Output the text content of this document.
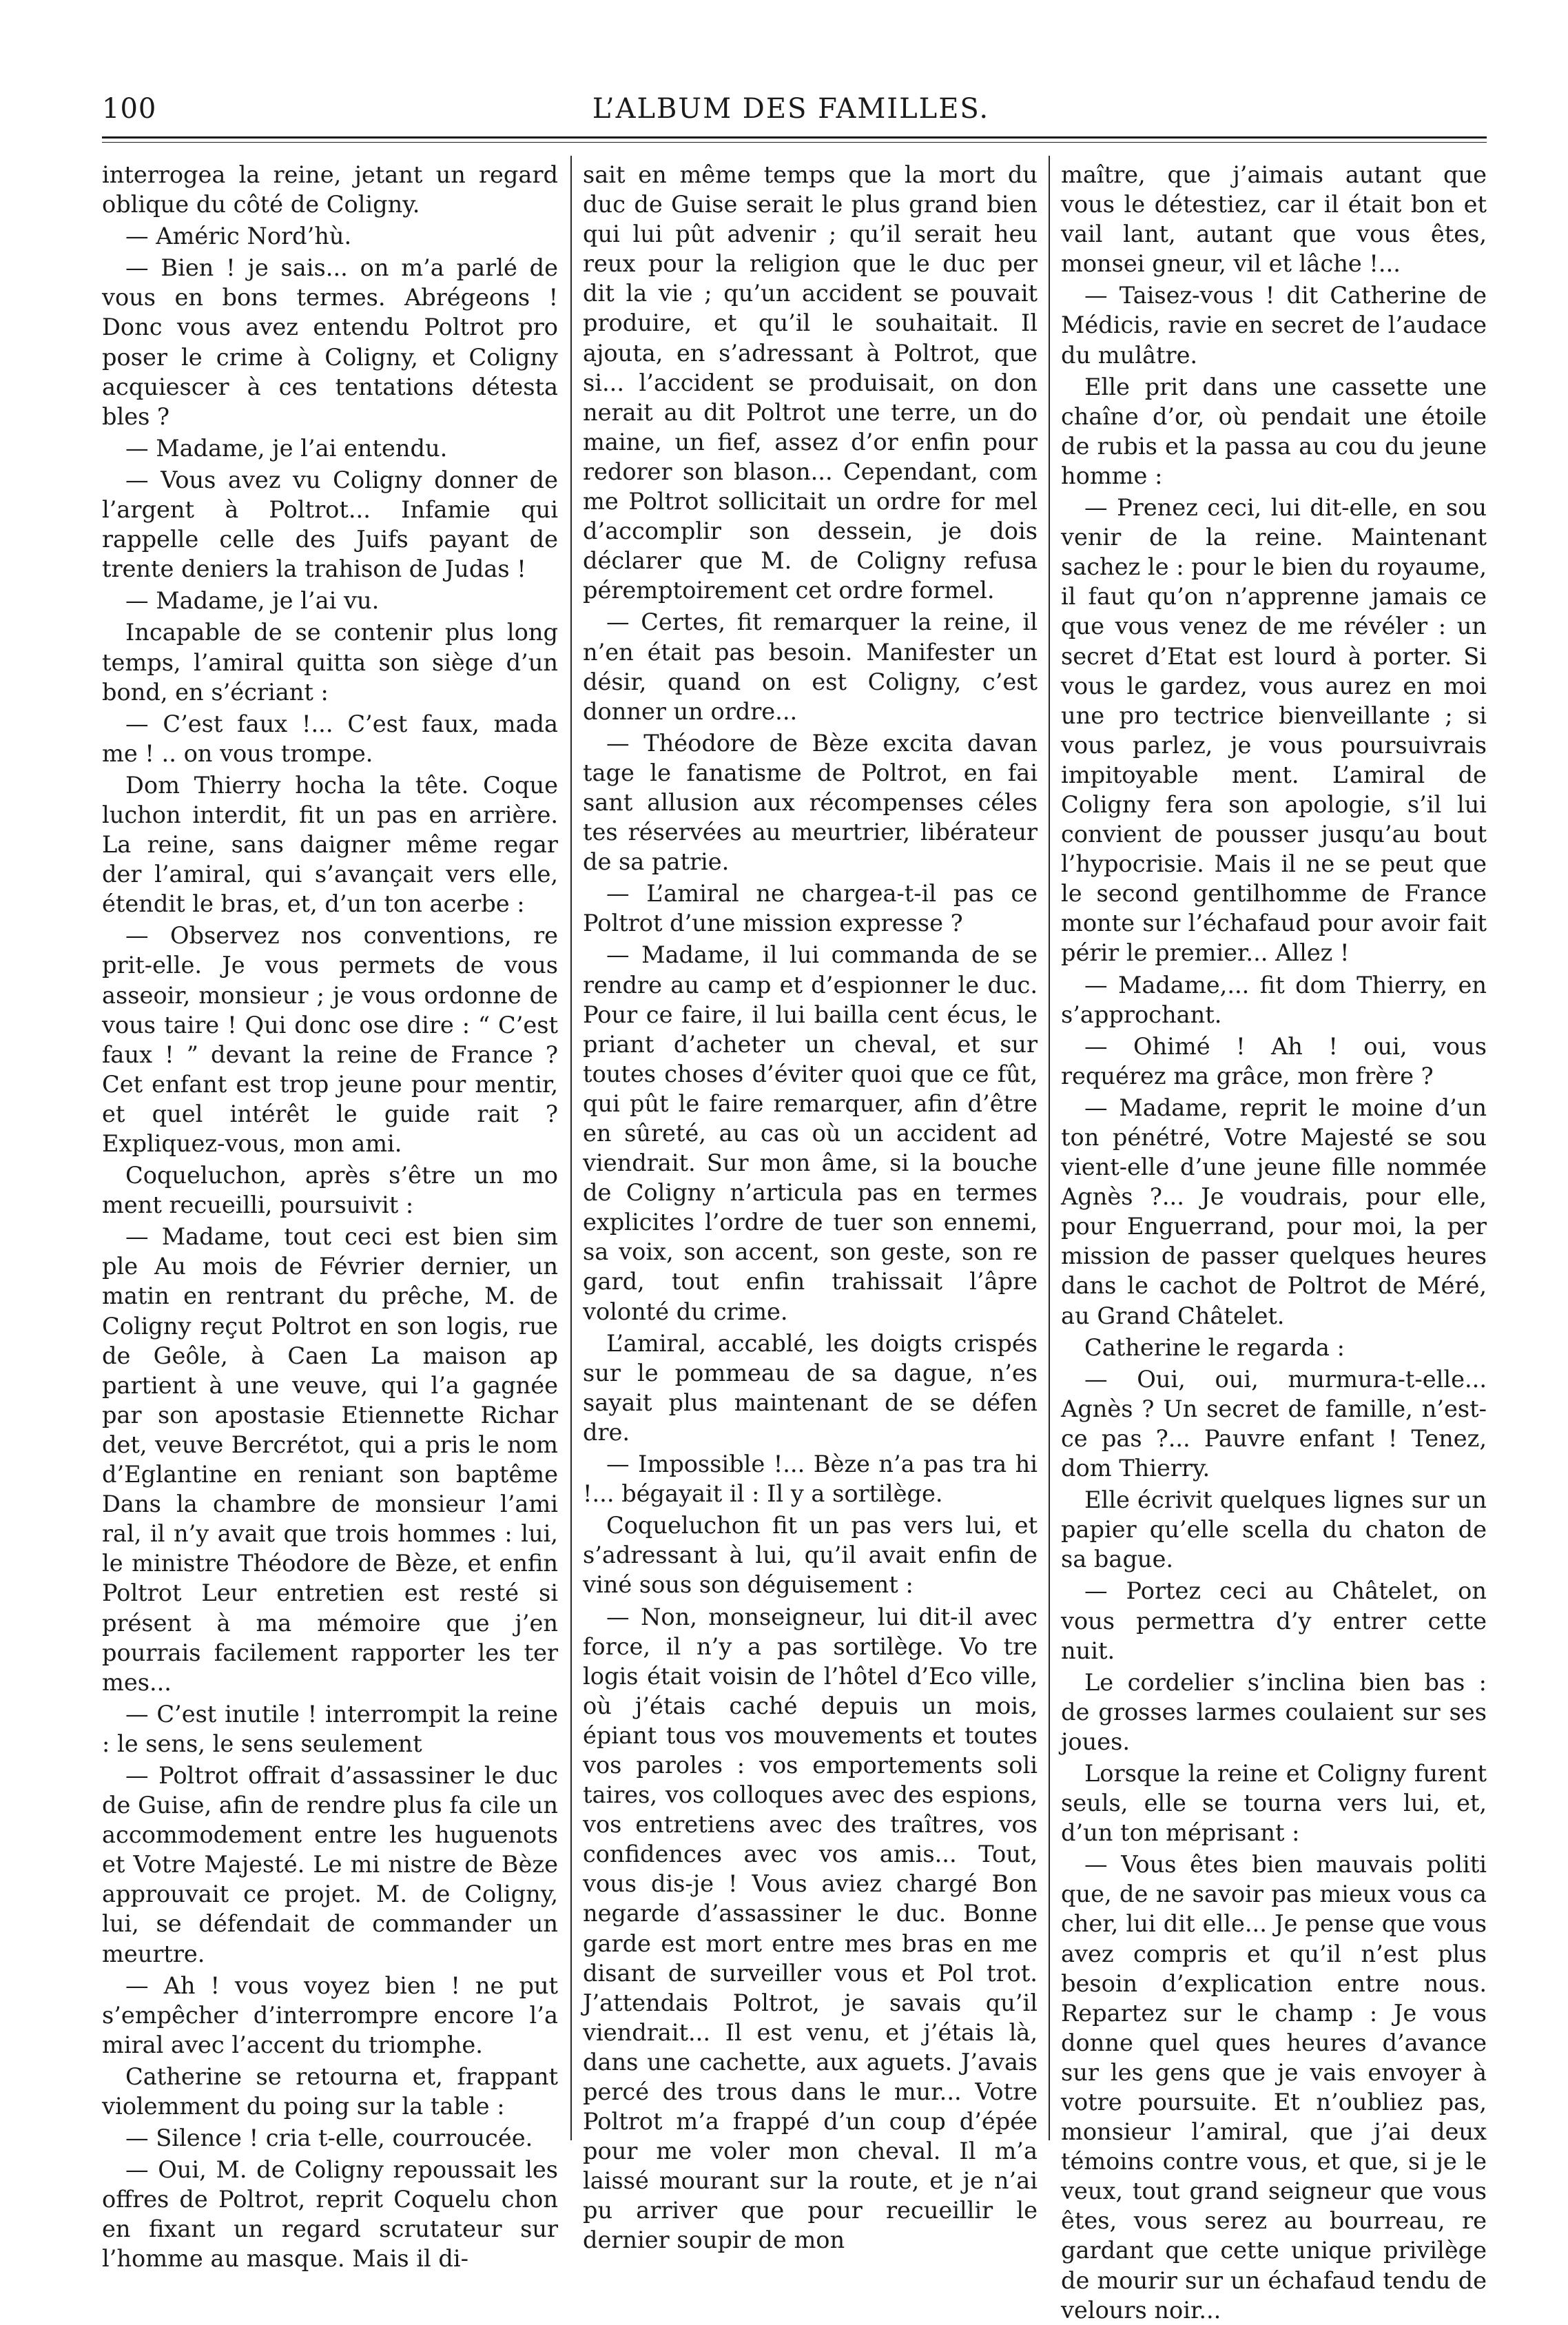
100	L’ALBUM DES FAMILLES.

interrogea la reine, jetant un regard oblique du côté de Coligny.

— Améric Nord’hù.

— Bien ! je sais... on m’a parlé de vous en bons termes. Abrégeons ! Donc vous avez entendu Poltrot pro poser le crime à Coligny, et Coligny acquiescer à ces tentations détesta bles ?

— Madame, je l’ai entendu.

— Vous avez vu Coligny donner de l’argent à Poltrot... Infamie qui rappelle celle des Juifs payant de trente deniers la trahison de Judas !

— Madame, je l’ai vu.

Incapable de se contenir plus long temps, l’amiral quitta son siège d’un bond, en s’écriant :

— C’est faux !... C’est faux, mada me ! .. on vous trompe.

Dom Thierry hocha la tête. Coque luchon interdit, fit un pas en arrière. La reine, sans daigner même regar der l’amiral, qui s’avançait vers elle, étendit le bras, et, d’un ton acerbe :

— Observez nos conventions, re prit-elle. Je vous permets de vous asseoir, monsieur ; je vous ordonne de vous taire ! Qui donc ose dire : “ C’est faux ! ” devant la reine de France ? Cet enfant est trop jeune pour mentir, et quel intérêt le guide rait ? Expliquez-vous, mon ami.

Coqueluchon, après s’être un mo ment recueilli, poursuivit :

— Madame, tout ceci est bien sim ple Au mois de Février dernier, un matin en rentrant du prêche, M. de Coligny reçut Poltrot en son logis, rue de Geôle, à Caen La maison ap partient à une veuve, qui l’a gagnée par son apostasie Etiennette Richar det, veuve Bercrétot, qui a pris le nom d’Eglantine en reniant son baptême Dans la chambre de monsieur l’ami ral, il n’y avait que trois hommes : lui, le ministre Théodore de Bèze, et enfin Poltrot Leur entretien est resté si présent à ma mémoire que j’en pourrais facilement rapporter les ter mes...

— C’est inutile ! interrompit la reine : le sens, le sens seulement

— Poltrot offrait d’assassiner le duc de Guise, afin de rendre plus fa cile un accommodement entre les huguenots et Votre Majesté. Le mi nistre de Bèze approuvait ce projet. M. de Coligny, lui, se défendait de commander un meurtre.

— Ah ! vous voyez bien ! ne put s’empêcher d’interrompre encore l’a miral avec l’accent du triomphe.

Catherine se retourna et, frappant violemment du poing sur la table :

— Silence ! cria t-elle, courroucée.

— Oui, M. de Coligny repoussait les offres de Poltrot, reprit Coquelu chon en fixant un regard scrutateur sur l’homme au masque. Mais il di-

sait en même temps que la mort du duc de Guise serait le plus grand bien qui lui pût advenir ; qu’il serait heu reux pour la religion que le duc per dit la vie ; qu’un accident se pouvait produire, et qu’il le souhaitait. Il ajouta, en s’adressant à Poltrot, que si... l’accident se produisait, on don nerait au dit Poltrot une terre, un do maine, un fief, assez d’or enfin pour redorer son blason... Cependant, com me Poltrot sollicitait un ordre for mel d’accomplir son dessein, je dois déclarer que M. de Coligny refusa péremptoirement cet ordre formel.

— Certes, fit remarquer la reine, il n’en était pas besoin. Manifester un désir, quand on est Coligny, c’est donner un ordre...

— Théodore de Bèze excita davan tage le fanatisme de Poltrot, en fai sant allusion aux récompenses céles tes réservées au meurtrier, libérateur de sa patrie.

— L’amiral ne chargea-t-il pas ce Poltrot d’une mission expresse ?

— Madame, il lui commanda de se rendre au camp et d’espionner le duc. Pour ce faire, il lui bailla cent écus, le priant d’acheter un cheval, et sur toutes choses d’éviter quoi que ce fût, qui pût le faire remarquer, afin d’être en sûreté, au cas où un accident ad viendrait. Sur mon âme, si la bouche de Coligny n’articula pas en termes explicites l’ordre de tuer son ennemi, sa voix, son accent, son geste, son re gard, tout enfin trahissait l’âpre volonté du crime.

L’amiral, accablé, les doigts crispés sur le pommeau de sa dague, n’es sayait plus maintenant de se défen dre.

— Impossible !... Bèze n’a pas tra hi !... bégayait il : Il y a sortilège.

Coqueluchon fit un pas vers lui, et s’adressant à lui, qu’il avait enfin de viné sous son déguisement :

— Non, monseigneur, lui dit-il avec force, il n’y a pas sortilège. Vo tre logis était voisin de l’hôtel d’Eco ville, où j’étais caché depuis un mois, épiant tous vos mouvements et toutes vos paroles : vos emportements soli taires, vos colloques avec des espions, vos entretiens avec des traîtres, vos confidences avec vos amis... Tout, vous dis-je ! Vous aviez chargé Bon negarde d’assassiner le duc. Bonne garde est mort entre mes bras en me disant de surveiller vous et Pol trot. J’attendais Poltrot, je savais qu’il viendrait... Il est venu, et j’étais là, dans une cachette, aux aguets. J’avais percé des trous dans le mur... Votre Poltrot m’a frappé d’un coup d’épée pour me voler mon cheval. Il m’a laissé mourant sur la route, et je n’ai pu arriver que pour recueillir le dernier soupir de mon

maître, que j’aimais autant que vous le détestiez, car il était bon et vail lant, autant que vous êtes, monsei gneur, vil et lâche !...

— Taisez-vous ! dit Catherine de Médicis, ravie en secret de l’audace du mulâtre.

Elle prit dans une cassette une chaîne d’or, où pendait une étoile de rubis et la passa au cou du jeune homme :

— Prenez ceci, lui dit-elle, en sou venir de la reine. Maintenant sachez le : pour le bien du royaume, il faut qu’on n’apprenne jamais ce que vous venez de me révéler : un secret d’Etat est lourd à porter. Si vous le gardez, vous aurez en moi une pro tectrice bienveillante ; si vous parlez, je vous poursuivrais impitoyable ment. L’amiral de Coligny fera son apologie, s’il lui convient de pousser jusqu’au bout l’hypocrisie. Mais il ne se peut que le second gentilhomme de France monte sur l’échafaud pour avoir fait périr le premier... Allez !

— Madame,... fit dom Thierry, en s’approchant.

— Ohimé ! Ah ! oui, vous requérez ma grâce, mon frère ?

— Madame, reprit le moine d’un ton pénétré, Votre Majesté se sou vient-elle d’une jeune fille nommée Agnès ?... Je voudrais, pour elle, pour Enguerrand, pour moi, la per mission de passer quelques heures dans le cachot de Poltrot de Méré, au Grand Châtelet.

Catherine le regarda :

— Oui, oui, murmura-t-elle... Agnès ? Un secret de famille, n’est-ce pas ?... Pauvre enfant ! Tenez, dom Thierry.

Elle écrivit quelques lignes sur un papier qu’elle scella du chaton de sa bague.

— Portez ceci au Châtelet, on vous permettra d’y entrer cette nuit.

Le cordelier s’inclina bien bas : de grosses larmes coulaient sur ses joues.

Lorsque la reine et Coligny furent seuls, elle se tourna vers lui, et, d’un ton méprisant :

— Vous êtes bien mauvais politi que, de ne savoir pas mieux vous ca cher, lui dit elle... Je pense que vous avez compris et qu’il n’est plus besoin d’explication entre nous. Repartez sur le champ : Je vous donne quel ques heures d’avance sur les gens que je vais envoyer à votre poursuite. Et n’oubliez pas, monsieur l’amiral, que j’ai deux témoins contre vous, et que, si je le veux, tout grand seigneur que vous êtes, vous serez au bourreau, re gardant que cette unique privilège de mourir sur un échafaud tendu de velours noir...
